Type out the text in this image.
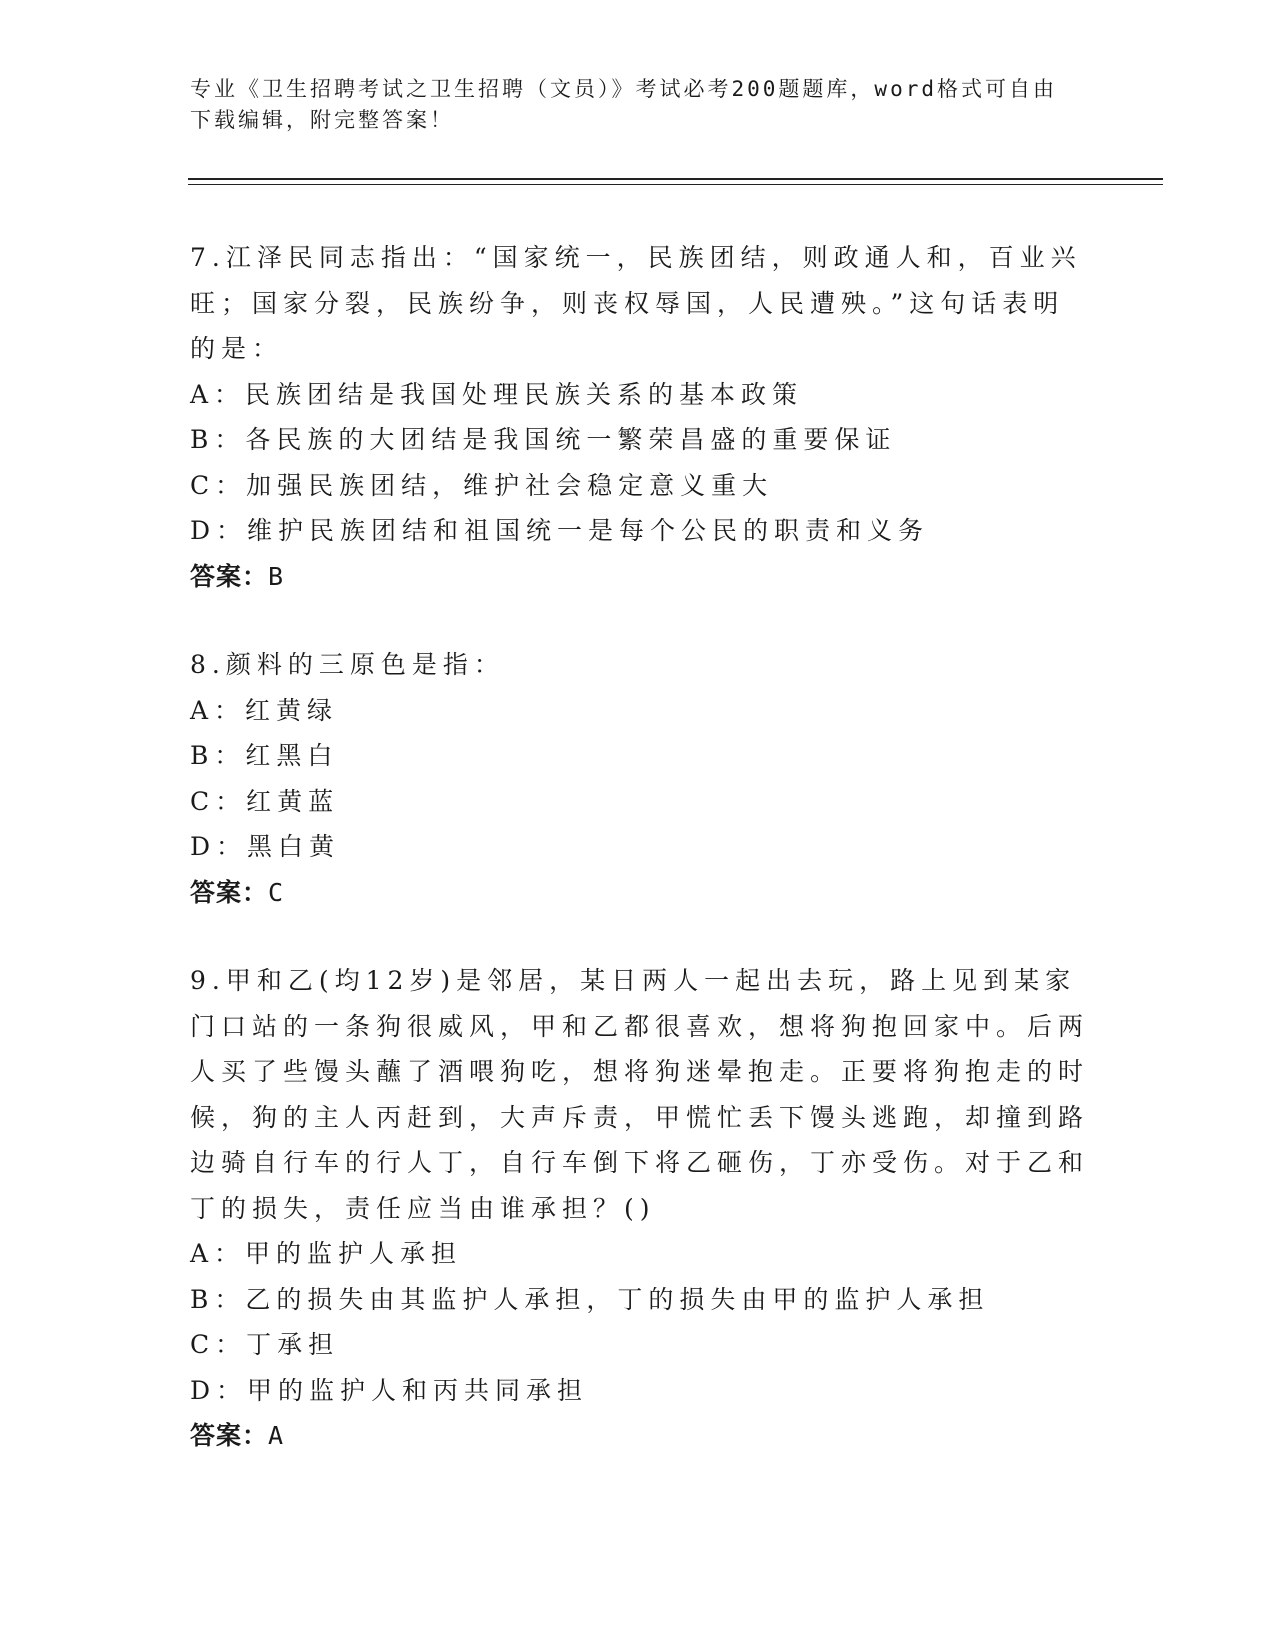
专业《卫生招聘考试之卫生招聘（文员）》考试必考200题题库，word格式可自由下载编辑，附完整答案！
7.江泽民同志指出：“国家统一，民族团结，则政通人和，百业兴旺；国家分裂，民族纷争，则丧权辱国，人民遭殃。”这句话表明的是：
A：民族团结是我国处理民族关系的基本政策
B：各民族的大团结是我国统一繁荣昌盛的重要保证
C：加强民族团结，维护社会稳定意义重大
D：维护民族团结和祖国统一是每个公民的职责和义务
答案：B
8.颜料的三原色是指：
A：红黄绿
B：红黑白
C：红黄蓝
D：黑白黄
答案：C
9.甲和乙(均12岁)是邻居，某日两人一起出去玩，路上见到某家门口站的一条狗很威风，甲和乙都很喜欢，想将狗抱回家中。后两人买了些馒头蘸了酒喂狗吃，想将狗迷晕抱走。正要将狗抱走的时候，狗的主人丙赶到，大声斥责，甲慌忙丢下馒头逃跑，却撞到路边骑自行车的行人丁，自行车倒下将乙砸伤，丁亦受伤。对于乙和丁的损失，责任应当由谁承担？()
A：甲的监护人承担
B：乙的损失由其监护人承担，丁的损失由甲的监护人承担
C：丁承担
D：甲的监护人和丙共同承担
答案：A
